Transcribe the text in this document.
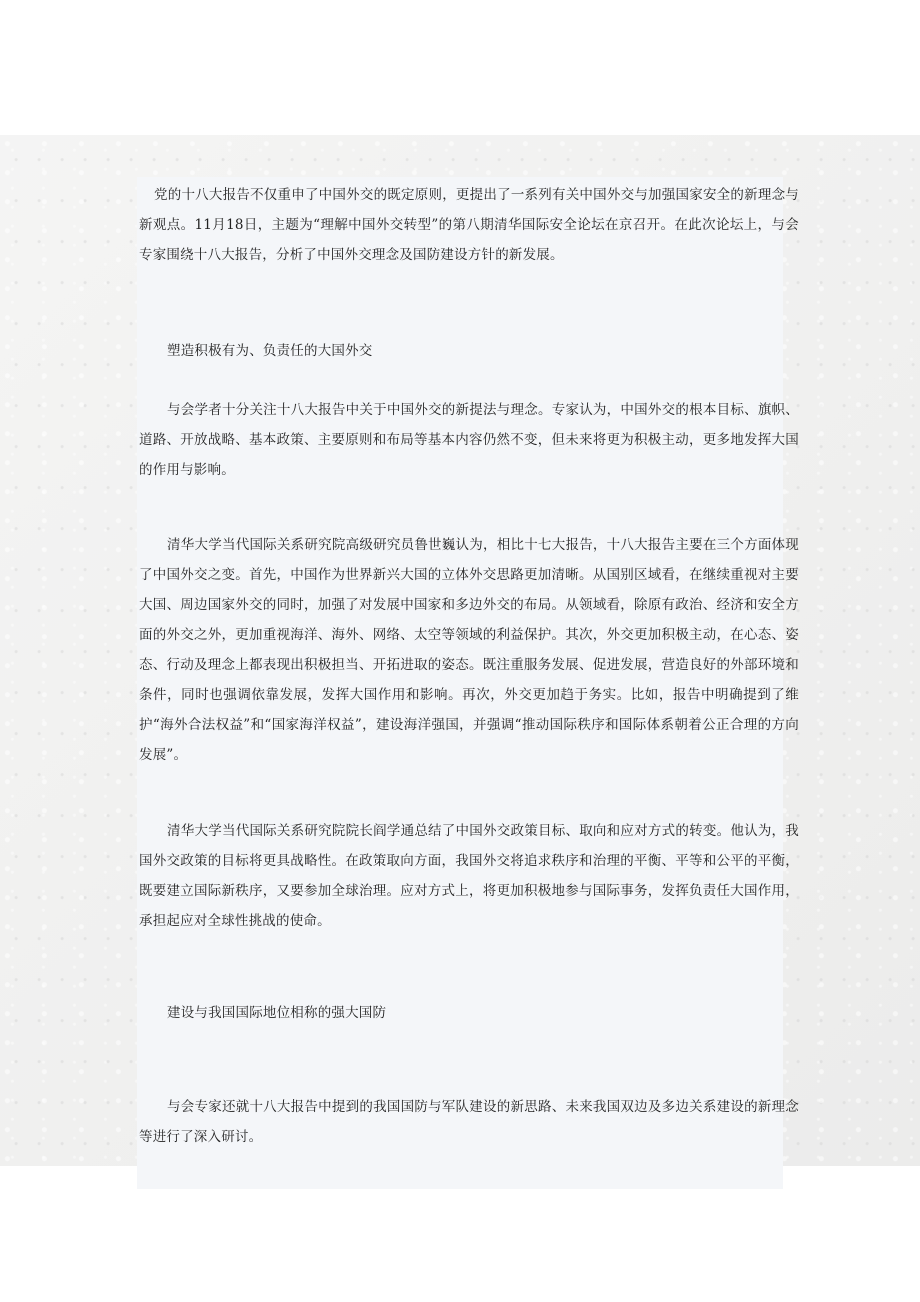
党的十八大报告不仅重申了中国外交的既定原则，更提出了一系列有关中国外交与加强国家安全的新理念与新观点。11月18日，主题为“理解中国外交转型”的第八期清华国际安全论坛在京召开。在此次论坛上，与会专家围绕十八大报告，分析了中国外交理念及国防建设方针的新发展。

塑造积极有为、负责任的大国外交

与会学者十分关注十八大报告中关于中国外交的新提法与理念。专家认为，中国外交的根本目标、旗帜、道路、开放战略、基本政策、主要原则和布局等基本内容仍然不变，但未来将更为积极主动，更多地发挥大国的作用与影响。

清华大学当代国际关系研究院高级研究员鲁世巍认为，相比十七大报告，十八大报告主要在三个方面体现了中国外交之变。首先，中国作为世界新兴大国的立体外交思路更加清晰。从国别区域看，在继续重视对主要大国、周边国家外交的同时，加强了对发展中国家和多边外交的布局。从领域看，除原有政治、经济和安全方面的外交之外，更加重视海洋、海外、网络、太空等领域的利益保护。其次，外交更加积极主动，在心态、姿态、行动及理念上都表现出积极担当、开拓进取的姿态。既注重服务发展、促进发展，营造良好的外部环境和条件，同时也强调依靠发展，发挥大国作用和影响。再次，外交更加趋于务实。比如，报告中明确提到了维护“海外合法权益”和“国家海洋权益”，建设海洋强国，并强调“推动国际秩序和国际体系朝着公正合理的方向发展”。

清华大学当代国际关系研究院院长阎学通总结了中国外交政策目标、取向和应对方式的转变。他认为，我国外交政策的目标将更具战略性。在政策取向方面，我国外交将追求秩序和治理的平衡、平等和公平的平衡，既要建立国际新秩序，又要参加全球治理。应对方式上，将更加积极地参与国际事务，发挥负责任大国作用，承担起应对全球性挑战的使命。

建设与我国国际地位相称的强大国防

与会专家还就十八大报告中提到的我国国防与军队建设的新思路、未来我国双边及多边关系建设的新理念等进行了深入研讨。
